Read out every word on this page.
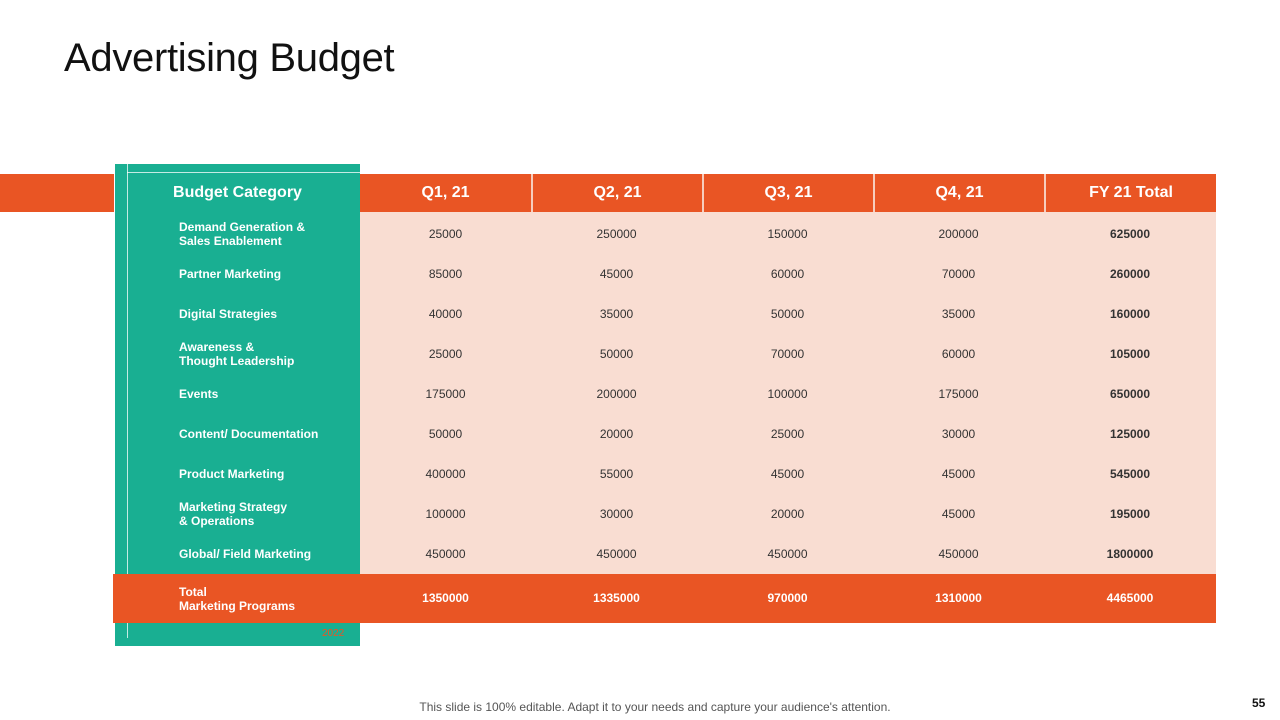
Advertising Budget
Budget Category	Q1, 21	Q2, 21	Q3, 21	Q4, 21	FY 21 Total
Demand Generation &
Sales Enablement	25000	250000	150000	200000	625000
Partner Marketing	85000	45000	60000	70000	260000
Digital Strategies	40000	35000	50000	35000	160000
Awareness &
Thought Leadership	25000	50000	70000	60000	105000
Events	175000	200000	100000	175000	650000
Content/ Documentation	50000	20000	25000	30000	125000
Product Marketing	400000	55000	45000	45000	545000
Marketing Strategy
& Operations	100000	30000	20000	45000	195000
Global/ Field Marketing	450000	450000	450000	450000	1800000
Total
Marketing Programs
1350000	1335000	970000	1310000	4465000
2022
This slide is 100% editable. Adapt it to your needs and capture your audience's attention.	55
